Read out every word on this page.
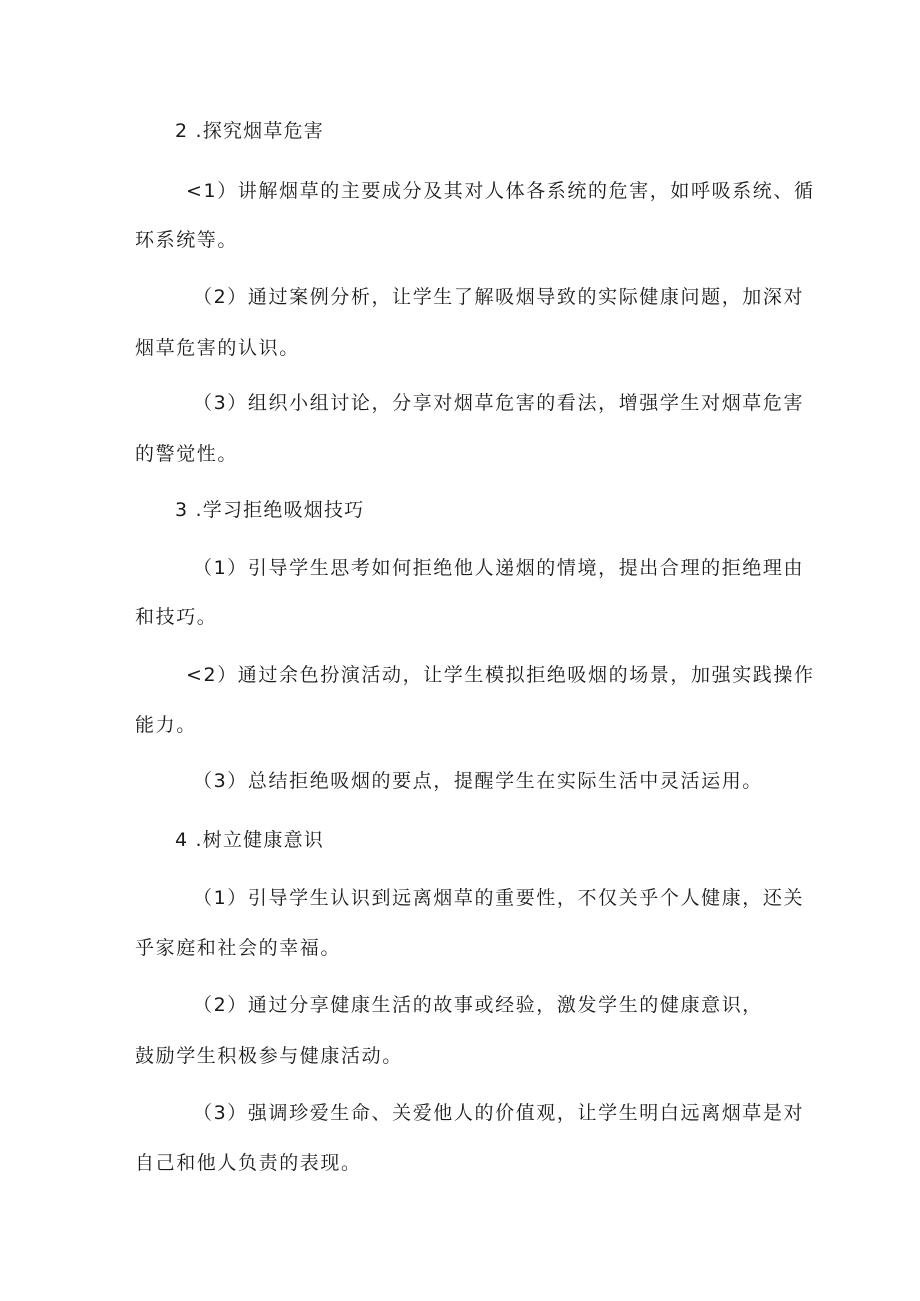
2 .探究烟草危害
<1）讲解烟草的主要成分及其对人体各系统的危害，如呼吸系统、循
环系统等。
（2）通过案例分析，让学生了解吸烟导致的实际健康问题，加深对
烟草危害的认识。
（3）组织小组讨论，分享对烟草危害的看法，增强学生对烟草危害
的警觉性。
3 .学习拒绝吸烟技巧
（1）引导学生思考如何拒绝他人递烟的情境，提出合理的拒绝理由
和技巧。
<2）通过余色扮演活动，让学生模拟拒绝吸烟的场景，加强实践操作
能力。
（3）总结拒绝吸烟的要点，提醒学生在实际生活中灵活运用。
4 .树立健康意识
（1）引导学生认识到远离烟草的重要性，不仅关乎个人健康，还关
乎家庭和社会的幸福。
（2）通过分享健康生活的故事或经验，激发学生的健康意识，
鼓励学生积极参与健康活动。
（3）强调珍爱生命、关爱他人的价值观，让学生明白远离烟草是对
自己和他人负责的表现。
